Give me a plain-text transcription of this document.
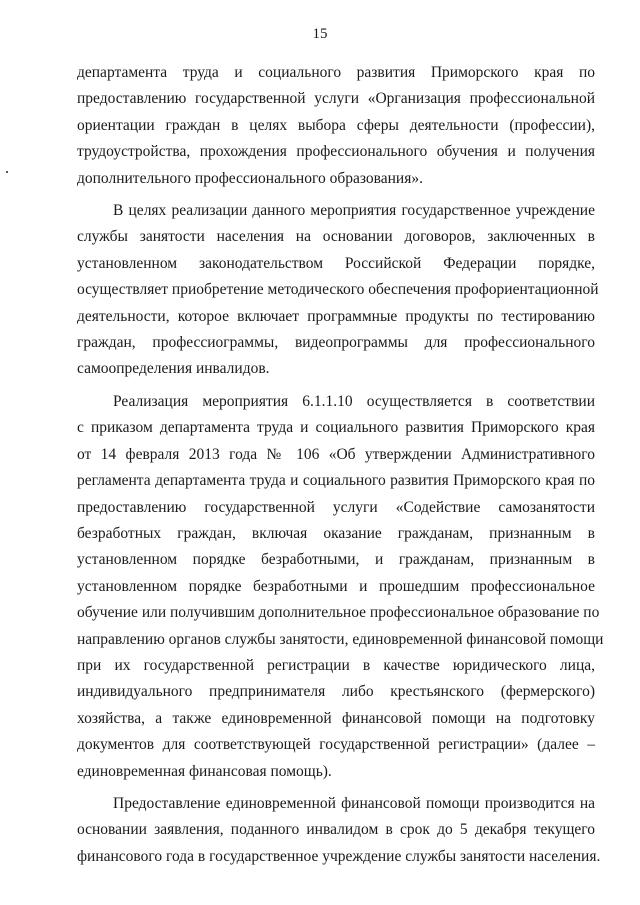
15

департамента труда и социального развития Приморского края по
предоставлению государственной услуги «Организация профессиональной
ориентации граждан в целях выбора сферы деятельности (профессии),
трудоустройства, прохождения профессионального обучения и получения
дополнительного профессионального образования».

В целях реализации данного мероприятия государственное учреждение
службы занятости населения на основании договоров, заключенных в
установленном законодательством Российской Федерации порядке,
осуществляет приобретение методического обеспечения профориентационной
деятельности, которое включает программные продукты по тестированию
граждан, профессиограммы, видеопрограммы для профессионального
самоопределения инвалидов.

Реализация мероприятия 6.1.1.10 осуществляется в соответствии
с приказом департамента труда и социального развития Приморского края
от 14 февраля 2013 года № 106 «Об утверждении Административного
регламента департамента труда и социального развития Приморского края по
предоставлению государственной услуги «Содействие самозанятости
безработных граждан, включая оказание гражданам, признанным в
установленном порядке безработными, и гражданам, признанным в
установленном порядке безработными и прошедшим профессиональное
обучение или получившим дополнительное профессиональное образование по
направлению органов службы занятости, единовременной финансовой помощи
при их государственной регистрации в качестве юридического лица,
индивидуального предпринимателя либо крестьянского (фермерского)
хозяйства, а также единовременной финансовой помощи на подготовку
документов для соответствующей государственной регистрации» (далее –
единовременная финансовая помощь).

Предоставление единовременной финансовой помощи производится на
основании заявления, поданного инвалидом в срок до 5 декабря текущего
финансового года в государственное учреждение службы занятости населения.
